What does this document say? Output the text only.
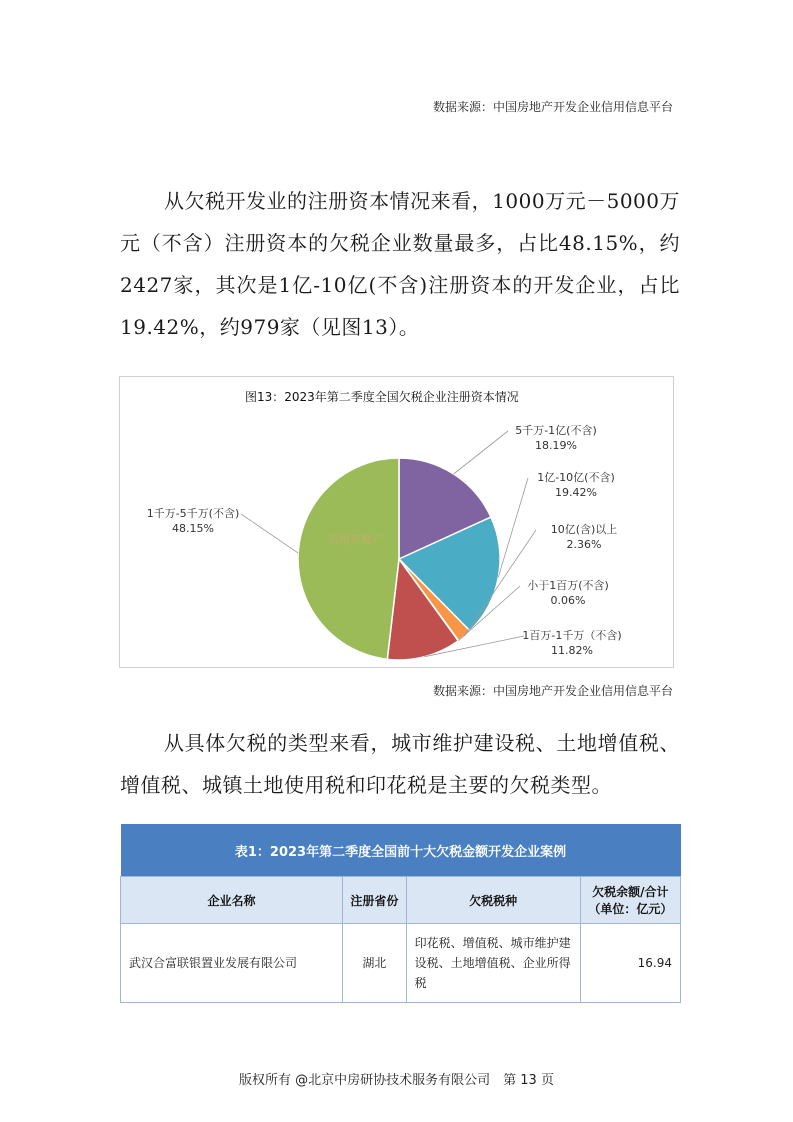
数据来源：中国房地产开发企业信用信息平台

从欠税开发业的注册资本情况来看，1000万元－5000万元（不含）注册资本的欠税企业数量最多，占比48.15%，约2427家，其次是1亿-10亿(不含)注册资本的开发企业，占比19.42%，约979家（见图13）。

图13：2023年第二季度全国欠税企业注册资本情况
信用房地产
5千万-1亿(不含)
18.19%
1亿-10亿(不含)
19.42%
10亿(含)以上
2.36%
小于1百万(不含)
0.06%
1百万-1千万（不含)
11.82%
1千万-5千万(不含)
48.15%
数据来源：中国房地产开发企业信用信息平台

从具体欠税的类型来看，城市维护建设税、土地增值税、增值税、城镇土地使用税和印花税是主要的欠税类型。

表1：2023年第二季度全国前十大欠税金额开发企业案例			
企业名称	注册省份	欠税税种	欠税余额/合计
（单位：亿元）

武汉合富联银置业发展有限公司	湖北	印花税、增值税、城市维护建设税、土地增值税、企业所得税	16.94
版权所有 @北京中房研协技术服务有限公司　第 13 页
